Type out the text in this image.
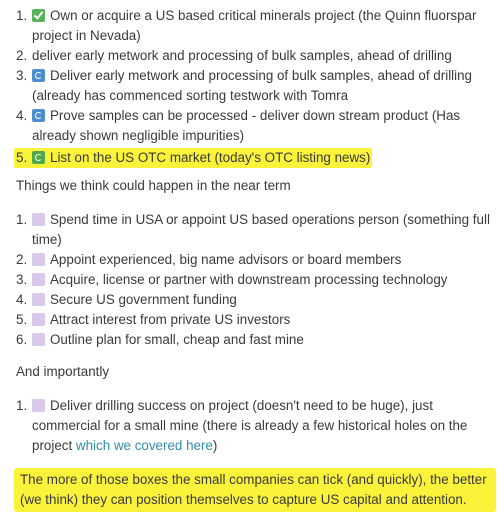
1. Own or acquire a US based critical minerals project (the Quinn fluorspar project in Nevada)
2. deliver early metwork and processing of bulk samples, ahead of drilling
3. Deliver early metwork and processing of bulk samples, ahead of drilling (already has commenced sorting testwork with Tomra
4. Prove samples can be processed - deliver down stream product (Has already shown negligible impurities)
5. List on the US OTC market (today's OTC listing news)
Things we think could happen in the near term
1. Spend time in USA or appoint US based operations person (something full time)
2. Appoint experienced, big name advisors or board members
3. Acquire, license or partner with downstream processing technology
4. Secure US government funding
5. Attract interest from private US investors
6. Outline plan for small, cheap and fast mine
And importantly
1. Deliver drilling success on project (doesn't need to be huge), just commercial for a small mine (there is already a few historical holes on the project which we covered here)
The more of those boxes the small companies can tick (and quickly), the better (we think) they can position themselves to capture US capital and attention.
